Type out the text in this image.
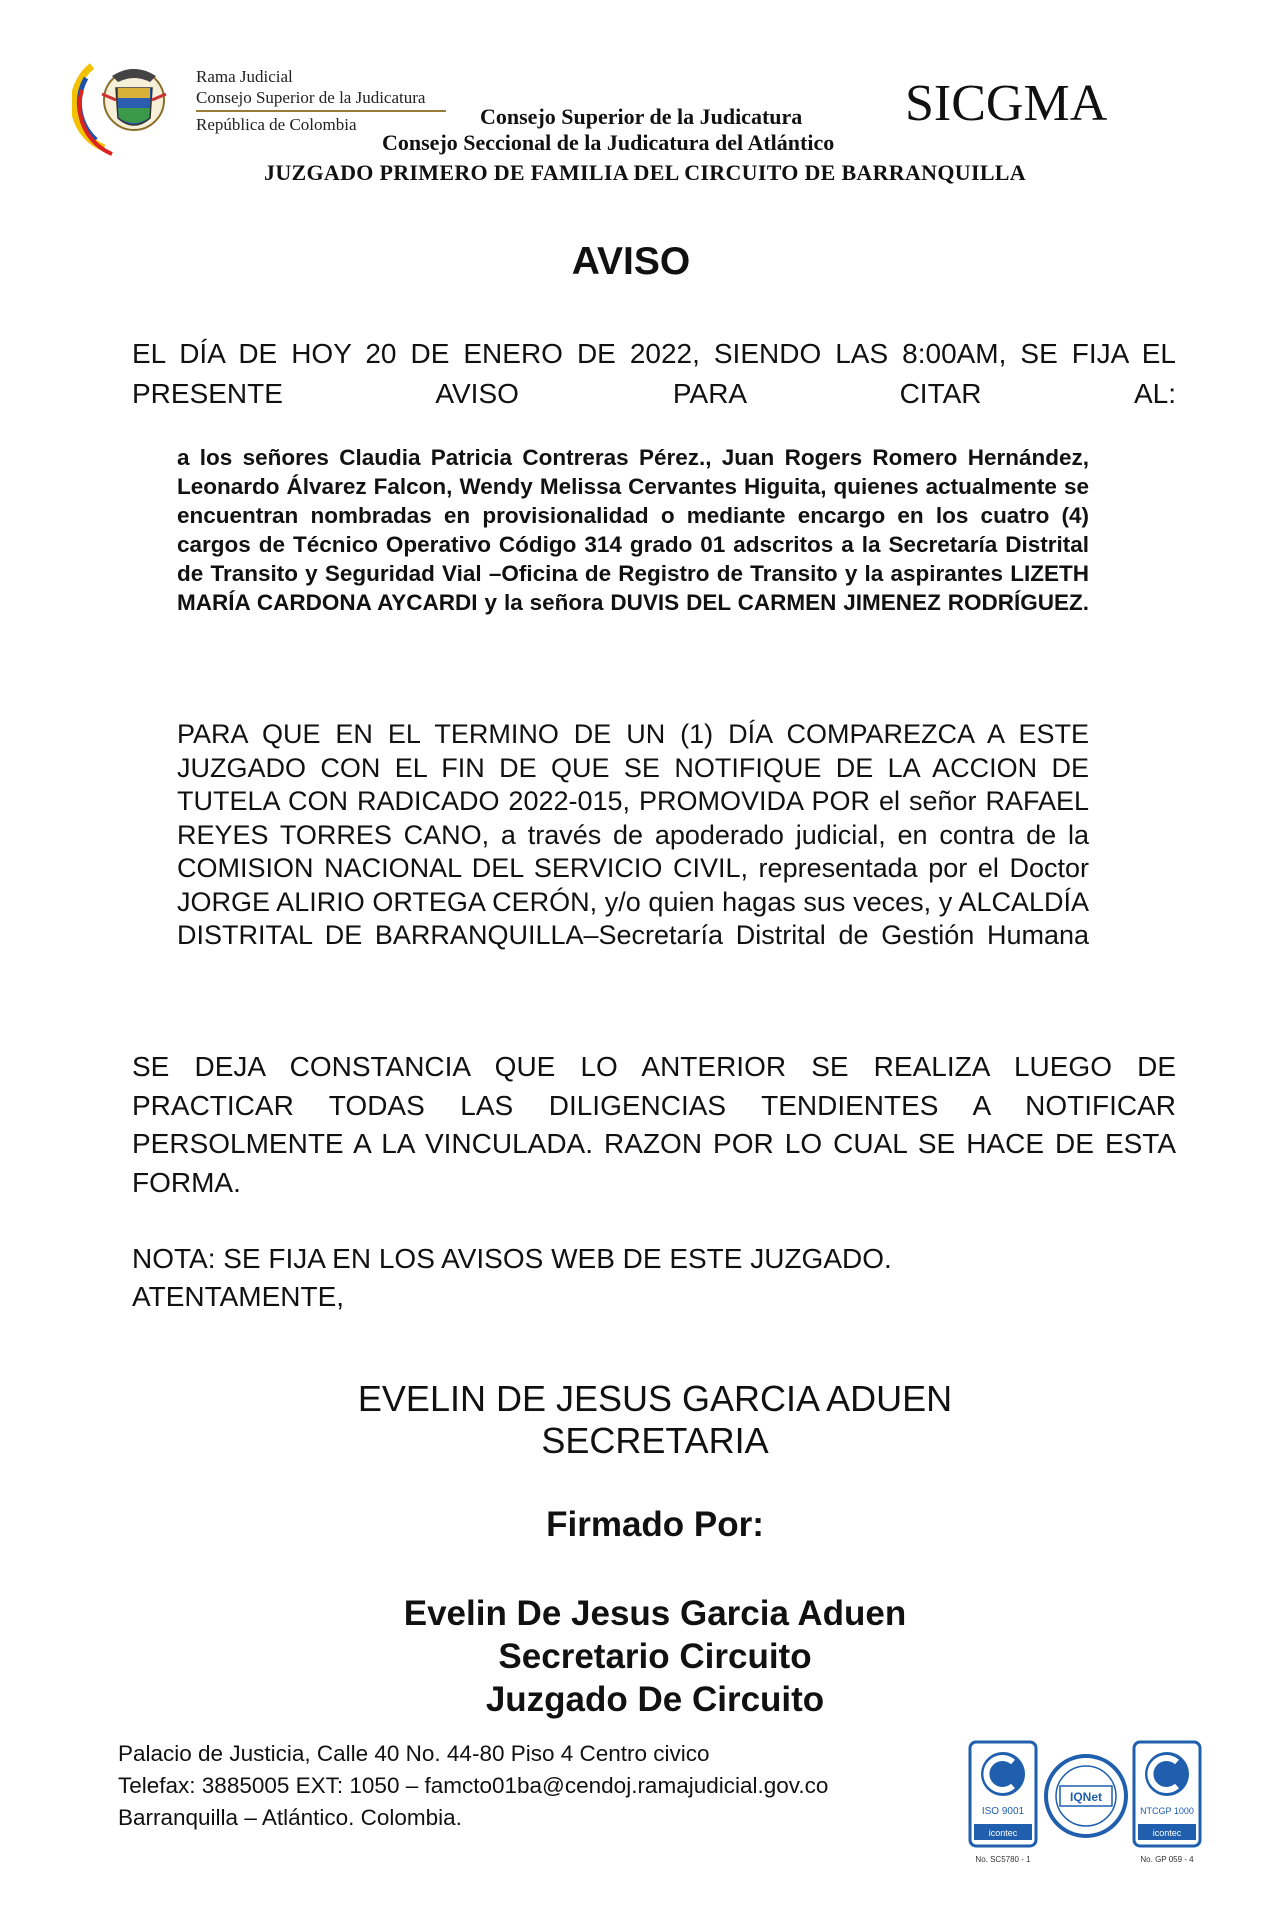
Rama Judicial
Consejo Superior de la Judicatura
República de Colombia	Consejo Superior de la Judicatura
Consejo Seccional de la Judicatura del Atlántico
SICGMA
JUZGADO PRIMERO DE FAMILIA DEL CIRCUITO DE BARRANQUILLA
AVISO
EL DÍA DE HOY 20 DE ENERO DE 2022, SIENDO LAS 8:00AM, SE FIJA EL PRESENTE AVISO PARA CITAR AL:
a los señores Claudia Patricia Contreras Pérez., Juan Rogers Romero Hernández, Leonardo Álvarez Falcon, Wendy Melissa Cervantes Higuita, quienes actualmente se encuentran nombradas en provisionalidad o mediante encargo en los cuatro (4) cargos de Técnico Operativo Código 314 grado 01 adscritos a la Secretaría Distrital de Transito y Seguridad Vial –Oficina de Registro de Transito y la aspirantes LIZETH MARÍA CARDONA AYCARDI y la señora DUVIS DEL CARMEN JIMENEZ RODRÍGUEZ.
PARA QUE EN EL TERMINO DE UN (1) DÍA COMPAREZCA A ESTE JUZGADO CON EL FIN DE QUE SE NOTIFIQUE DE LA ACCION DE TUTELA CON RADICADO 2022-015, PROMOVIDA POR el señor RAFAEL REYES TORRES CANO, a través de apoderado judicial, en contra de la COMISION NACIONAL DEL SERVICIO CIVIL, representada por el Doctor JORGE ALIRIO ORTEGA CERÓN, y/o quien hagas sus veces, y ALCALDÍA DISTRITAL DE BARRANQUILLA–Secretaría Distrital de Gestión Humana
SE DEJA CONSTANCIA QUE LO ANTERIOR SE REALIZA LUEGO DE PRACTICAR TODAS LAS DILIGENCIAS TENDIENTES A NOTIFICAR PERSOLMENTE A LA VINCULADA. RAZON POR LO CUAL SE HACE DE ESTA FORMA.
NOTA: SE FIJA EN LOS AVISOS WEB DE ESTE JUZGADO.
ATENTAMENTE,
EVELIN DE JESUS GARCIA ADUEN
SECRETARIA
Firmado Por:
Evelin De Jesus Garcia Aduen
Secretario Circuito
Juzgado De Circuito
Palacio de Justicia, Calle 40 No. 44-80 Piso 4 Centro civico
Telefax: 3885005 EXT: 1050 – famcto01ba@cendoj.ramajudicial.gov.co
Barranquilla – Atlántico. Colombia.	ISO 9001
icontec
No. SC5780 - 1
IQNet
NTCGP 1000
icontec
No. GP 059 - 4
